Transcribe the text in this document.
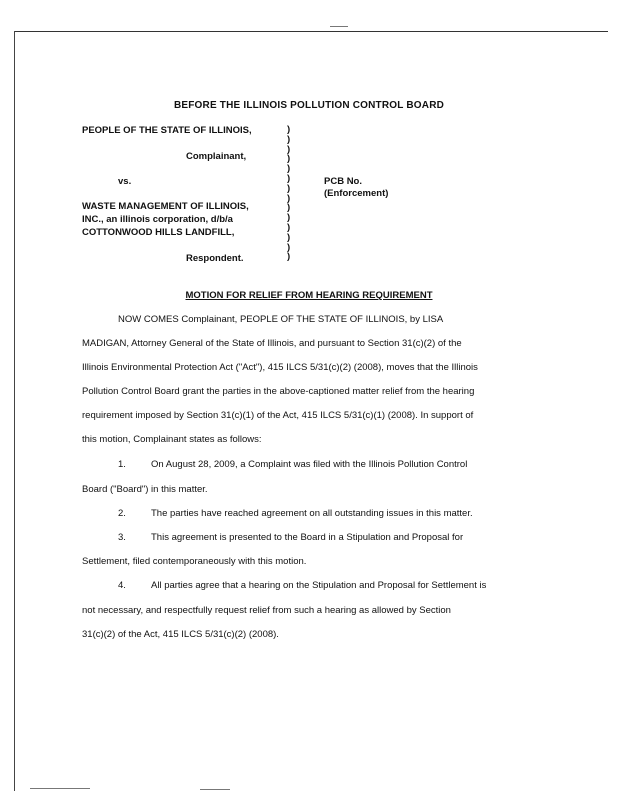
BEFORE THE ILLINOIS POLLUTION CONTROL BOARD
PEOPLE OF THE STATE OF ILLINOIS,
Complainant,
vs.	PCB No.
(Enforcement)
WASTE MANAGEMENT OF ILLINOIS,
INC., an illinois corporation, d/b/a
COTTONWOOD HILLS LANDFILL,
Respondent.
)
)
)
)
)
)
)
)
)
)
)
)
)
)
MOTION FOR RELIEF FROM HEARING REQUIREMENT
NOW COMES Complainant, PEOPLE OF THE STATE OF ILLINOIS, by LISA
MADIGAN, Attorney General of the State of Illinois, and pursuant to Section 31(c)(2) of the
Illinois Environmental Protection Act ("Act"), 415 ILCS 5/31(c)(2) (2008), moves that the Illinois
Pollution Control Board grant the parties in the above-captioned matter relief from the hearing
requirement imposed by Section 31(c)(1) of the Act, 415 ILCS 5/31(c)(1) (2008). In support of
this motion, Complainant states as follows:
1.	On August 28, 2009, a Complaint was filed with the Illinois Pollution Control
Board ("Board") in this matter.
2.	The parties have reached agreement on all outstanding issues in this matter.
3.	This agreement is presented to the Board in a Stipulation and Proposal for
Settlement, filed contemporaneously with this motion.
4.	All parties agree that a hearing on the Stipulation and Proposal for Settlement is
not necessary, and respectfully request relief from such a hearing as allowed by Section
31(c)(2) of the Act, 415 ILCS 5/31(c)(2) (2008).
